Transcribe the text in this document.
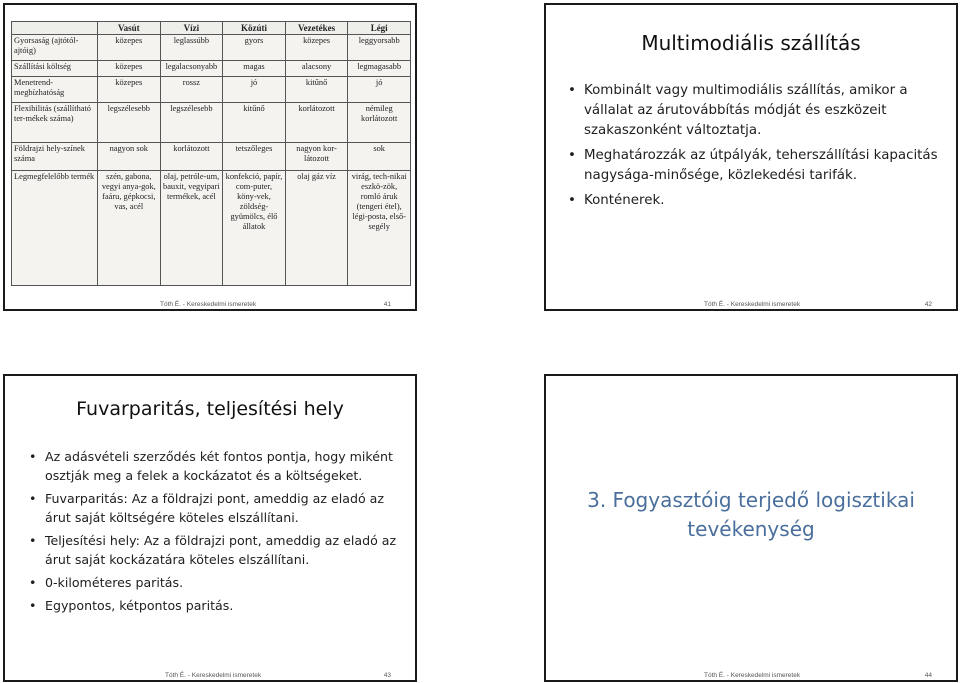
	Vasút	Vízi	Közúti	Vezetékes	Légi
Gyorsaság (ajtótól- ajtóig)	közepes	leglassúbb	gyors	közepes	leggyorsabb
Szállítási költség	közepes	legalacsonyabb	magas	alacsony	legmagasabb
Menetrend-megbízhatóság	közepes	rossz	jó	kitűnő	jó
Flexibilitás (szállítható ter-mékek száma)	legszélesebb	legszélesebb	kitűnő	korlátozott	némileg korlátozott
Földrajzi hely-színek száma	nagyon sok	korlátozott	tetszőleges	nagyon kor-látozott	sok
Legmegfelelőbb termék	szén, gabona, vegyi anya-gok, faáru, gépkocsi, vas, acél	olaj, petróle-um, bauxit, vegyipari termékek, acél	konfekció, papír, com-puter, köny-vek, zöldség-gyümölcs, élő állatok	olaj gáz víz	virág, tech-nikai eszkö-zök, romló áruk (tengeri étel), légi-posta, első-segély
Tóth É. - Kereskedelmi ismeretek	41
Multimodiális szállítás
• Kombinált vagy multimodiális szállítás, amikor a vállalat az árutovábbítás módját és eszközeit szakaszonként változtatja.
• Meghatározzák az útpályák, teherszállítási kapacitás nagysága-minősége, közlekedési tarifák.
• Konténerek.
Tóth É. - Kereskedelmi ismeretek	42
Fuvarparitás, teljesítési hely
• Az adásvételi szerződés két fontos pontja, hogy miként osztják meg a felek a kockázatot és a költségeket.
• Fuvarparitás: Az a földrajzi pont, ameddig az eladó az árut saját költségére köteles elszállítani.
• Teljesítési hely: Az a földrajzi pont, ameddig az eladó az árut saját kockázatára köteles elszállítani.
• 0-kilométeres paritás.
• Egypontos, kétpontos paritás.
Tóth É. - Kereskedelmi ismeretek	43
3. Fogyasztóig terjedő logisztikai tevékenység
Tóth É. - Kereskedelmi ismeretek	44
